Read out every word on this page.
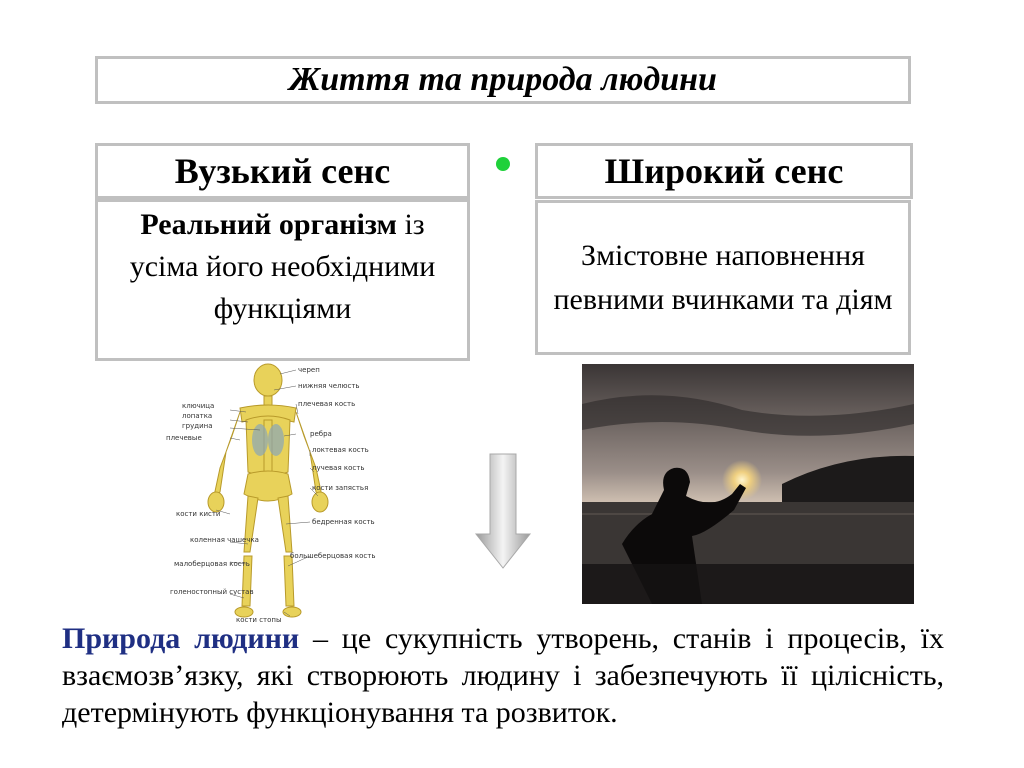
Життя та природа людини
Вузький сенс	Широкий сенс
Реальний організм із усіма його необхідними функціями
Змістовне наповнення певними вчинками та діям
ключица
лопатка
грудина
плечевые
кости кисти
коленная чашечка
малоберцовая кость
голеностопный сустав
череп
нижняя челюсть
плечевая кость
ребра
локтевая кость
лучевая кость
кости запястья
бедренная кость
большеберцовая кость
кости стопы
Природа людини – це сукупність утворень, станів і процесів, їх взаємозв’язку, які створюють людину і забезпечують її цілісність, детермінують функціонування та розвиток.
